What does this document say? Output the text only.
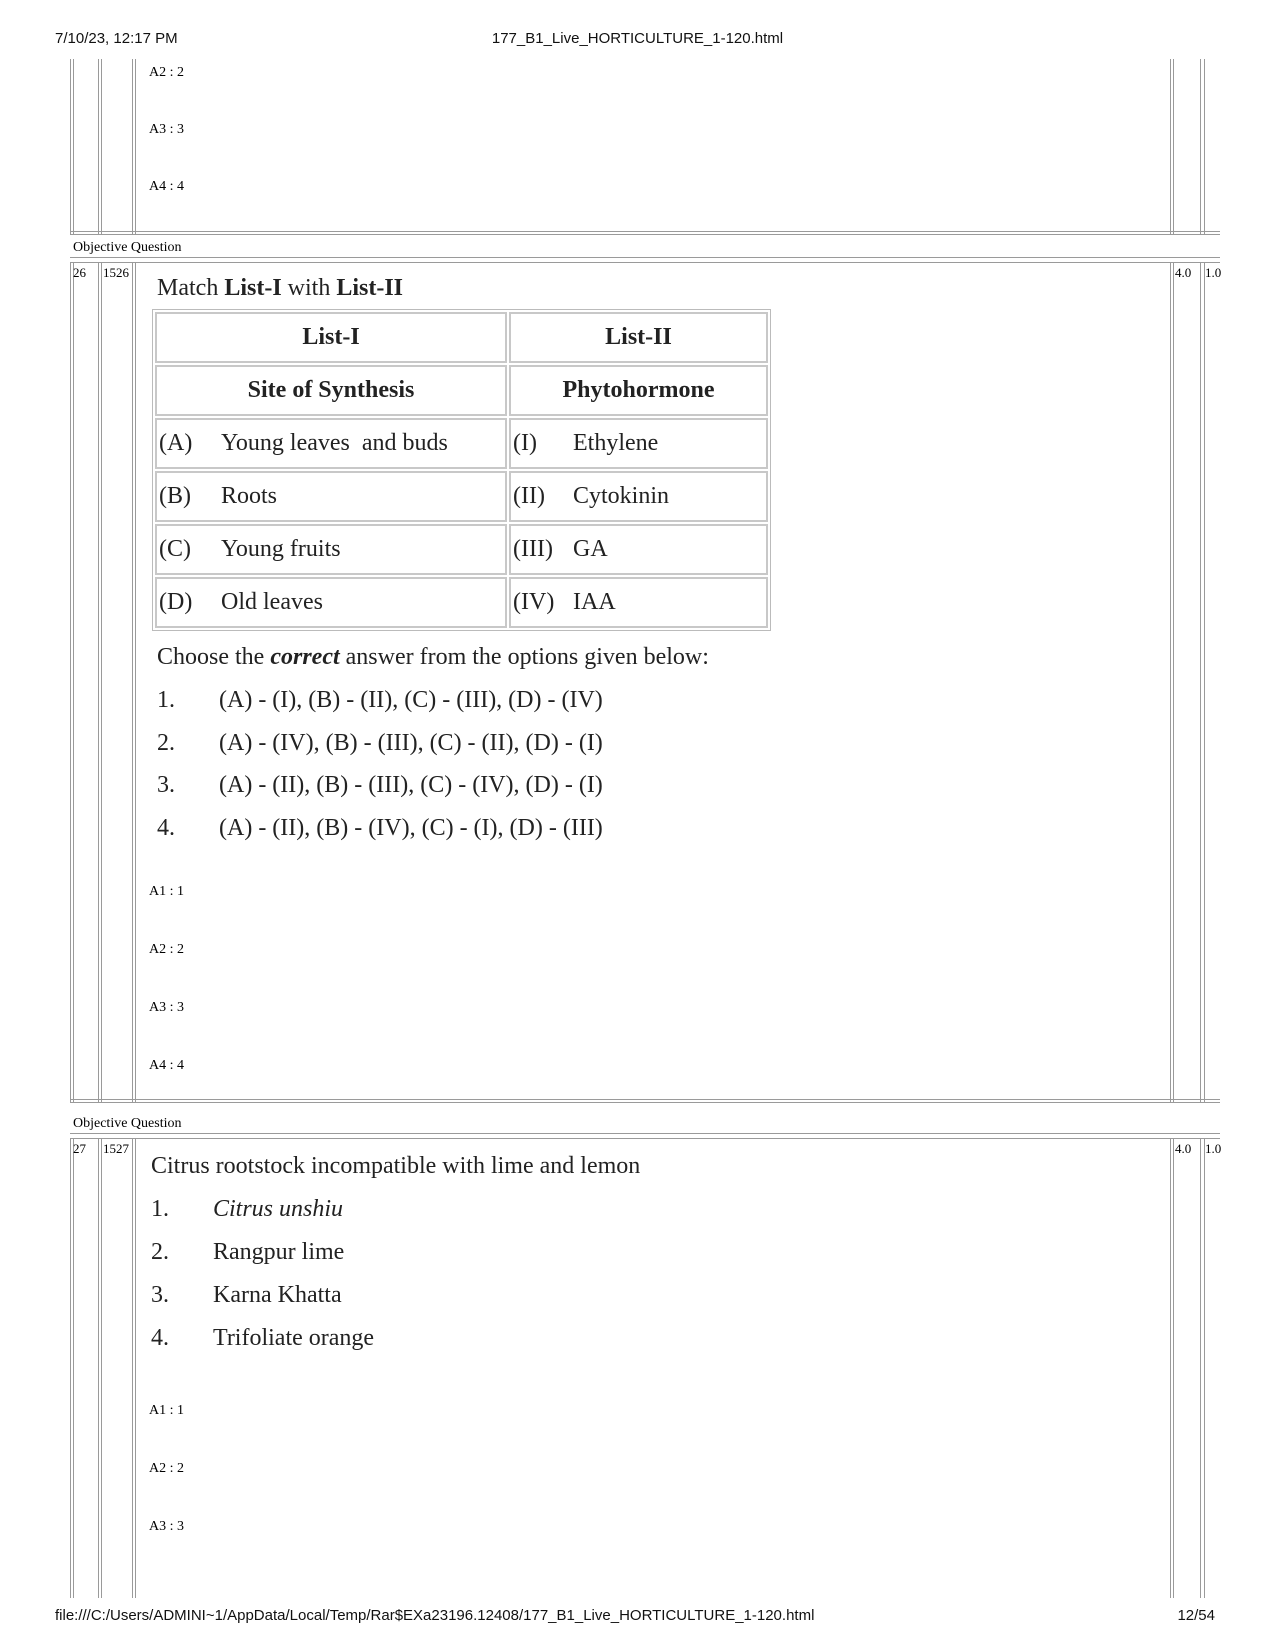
7/10/23, 12:17 PM	177_B1_Live_HORTICULTURE_1-120.html
A2 : 2
A3 : 3
A4 : 4
Objective Question
26 1526	4.0 1.0
Match List-I with List-II
List-I	List-II
Site of Synthesis	Phytohormone
(A) Young leaves  and buds	(I) Ethylene
(B) Roots	(II) Cytokinin
(C) Young fruits	(III) GA
(D) Old leaves	(IV) IAA
Choose the correct answer from the options given below:
1. (A) - (I), (B) - (II), (C) - (III), (D) - (IV)
2. (A) - (IV), (B) - (III), (C) - (II), (D) - (I)
3. (A) - (II), (B) - (III), (C) - (IV), (D) - (I)
4. (A) - (II), (B) - (IV), (C) - (I), (D) - (III)
A1 : 1
A2 : 2
A3 : 3
A4 : 4
Objective Question
27 1527	4.0 1.0
Citrus rootstock incompatible with lime and lemon
1. Citrus unshiu
2. Rangpur lime
3. Karna Khatta
4. Trifoliate orange
A1 : 1
A2 : 2
A3 : 3
file:///C:/Users/ADMINI~1/AppData/Local/Temp/Rar$EXa23196.12408/177_B1_Live_HORTICULTURE_1-120.html	12/54
